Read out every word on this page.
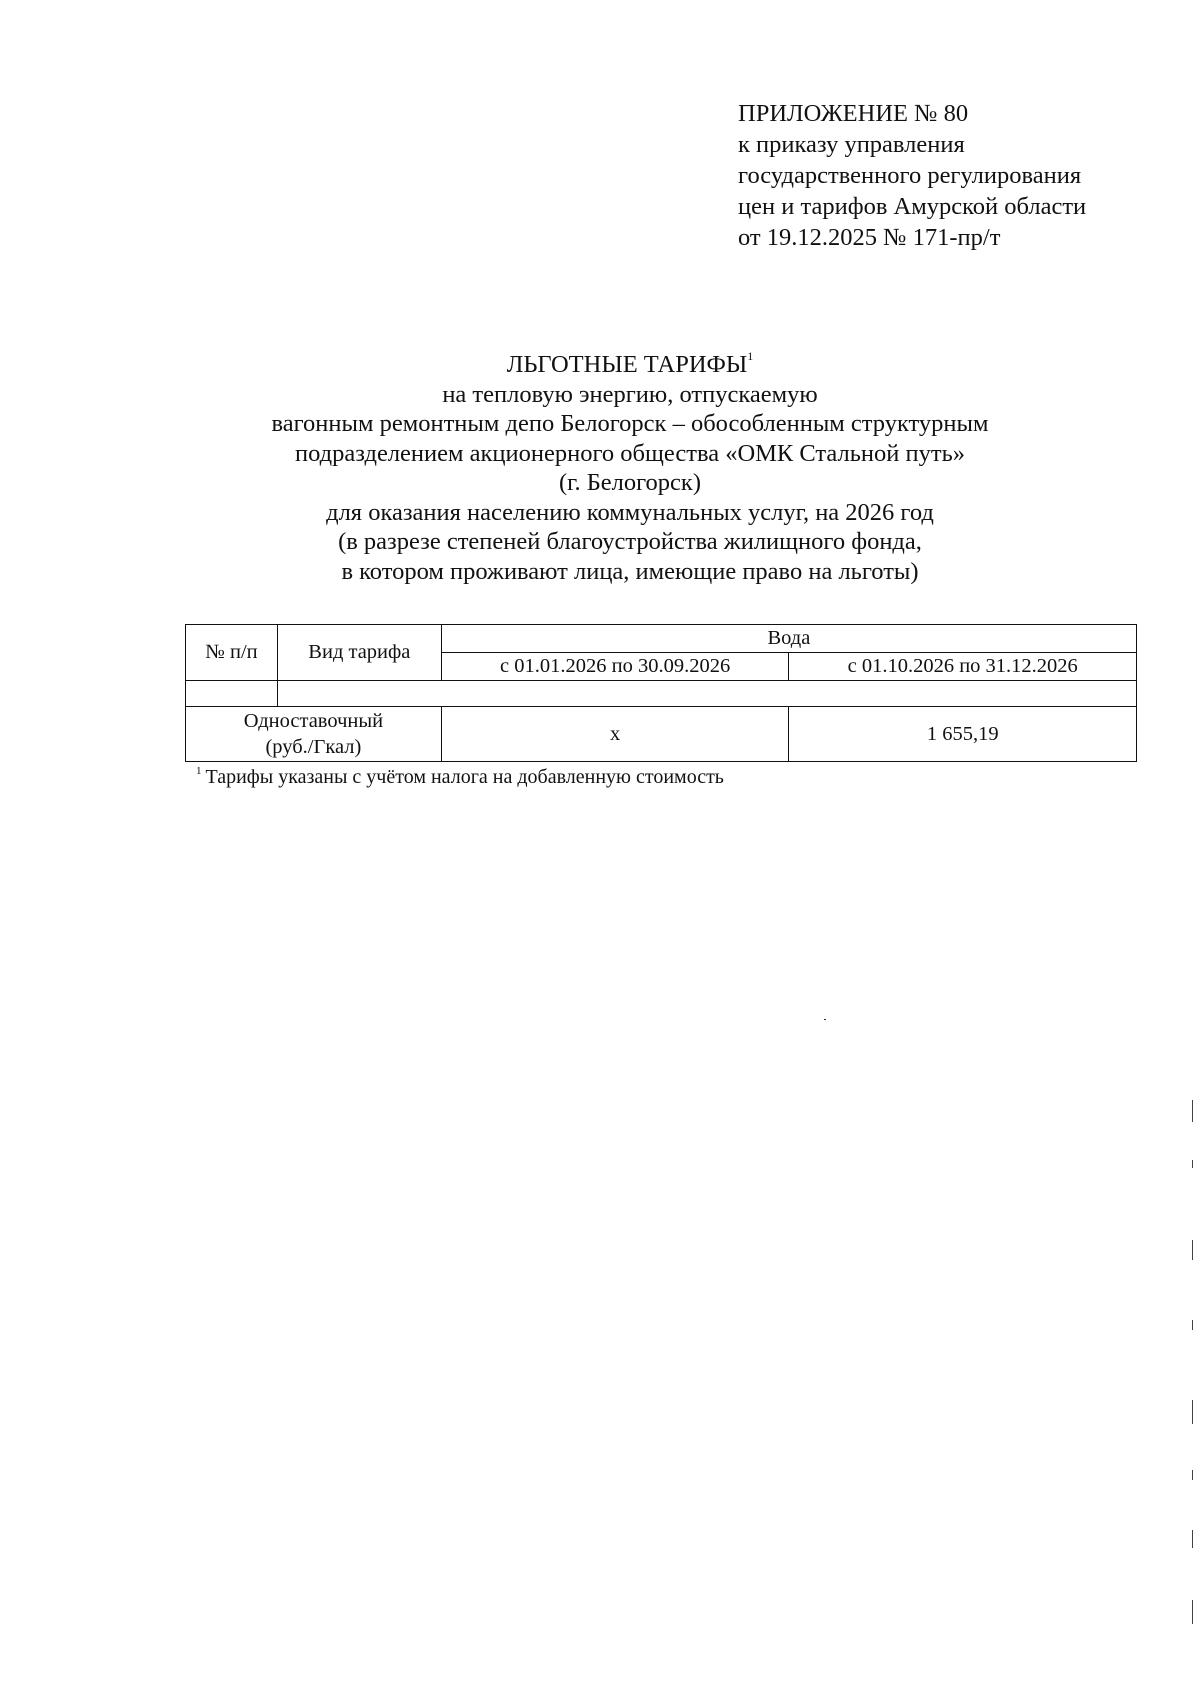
ПРИЛОЖЕНИЕ № 80
к приказу управления
государственного регулирования
цен и тарифов Амурской области
от 19.12.2025 № 171-пр/т
ЛЬГОТНЫЕ ТАРИФЫ$^1$
на тепловую энергию, отпускаемую
вагонным ремонтным депо Белогорск – обособленным структурным
подразделением акционерного общества «ОМК Стальной путь»
(г. Белогорск)
для оказания населению коммунальных услуг, на 2026 год
(в разрезе степеней благоустройства жилищного фонда,
в котором проживают лица, имеющие право на льготы)
№ п/п	Вид тарифа	Вода	
		с 01.01.2026 по 30.09.2026	с 01.10.2026 по 31.12.2026

Одноставочный
(руб./Гкал)		x	1 655,19
$^1$ Тарифы указаны с учётом налога на добавленную стоимость
